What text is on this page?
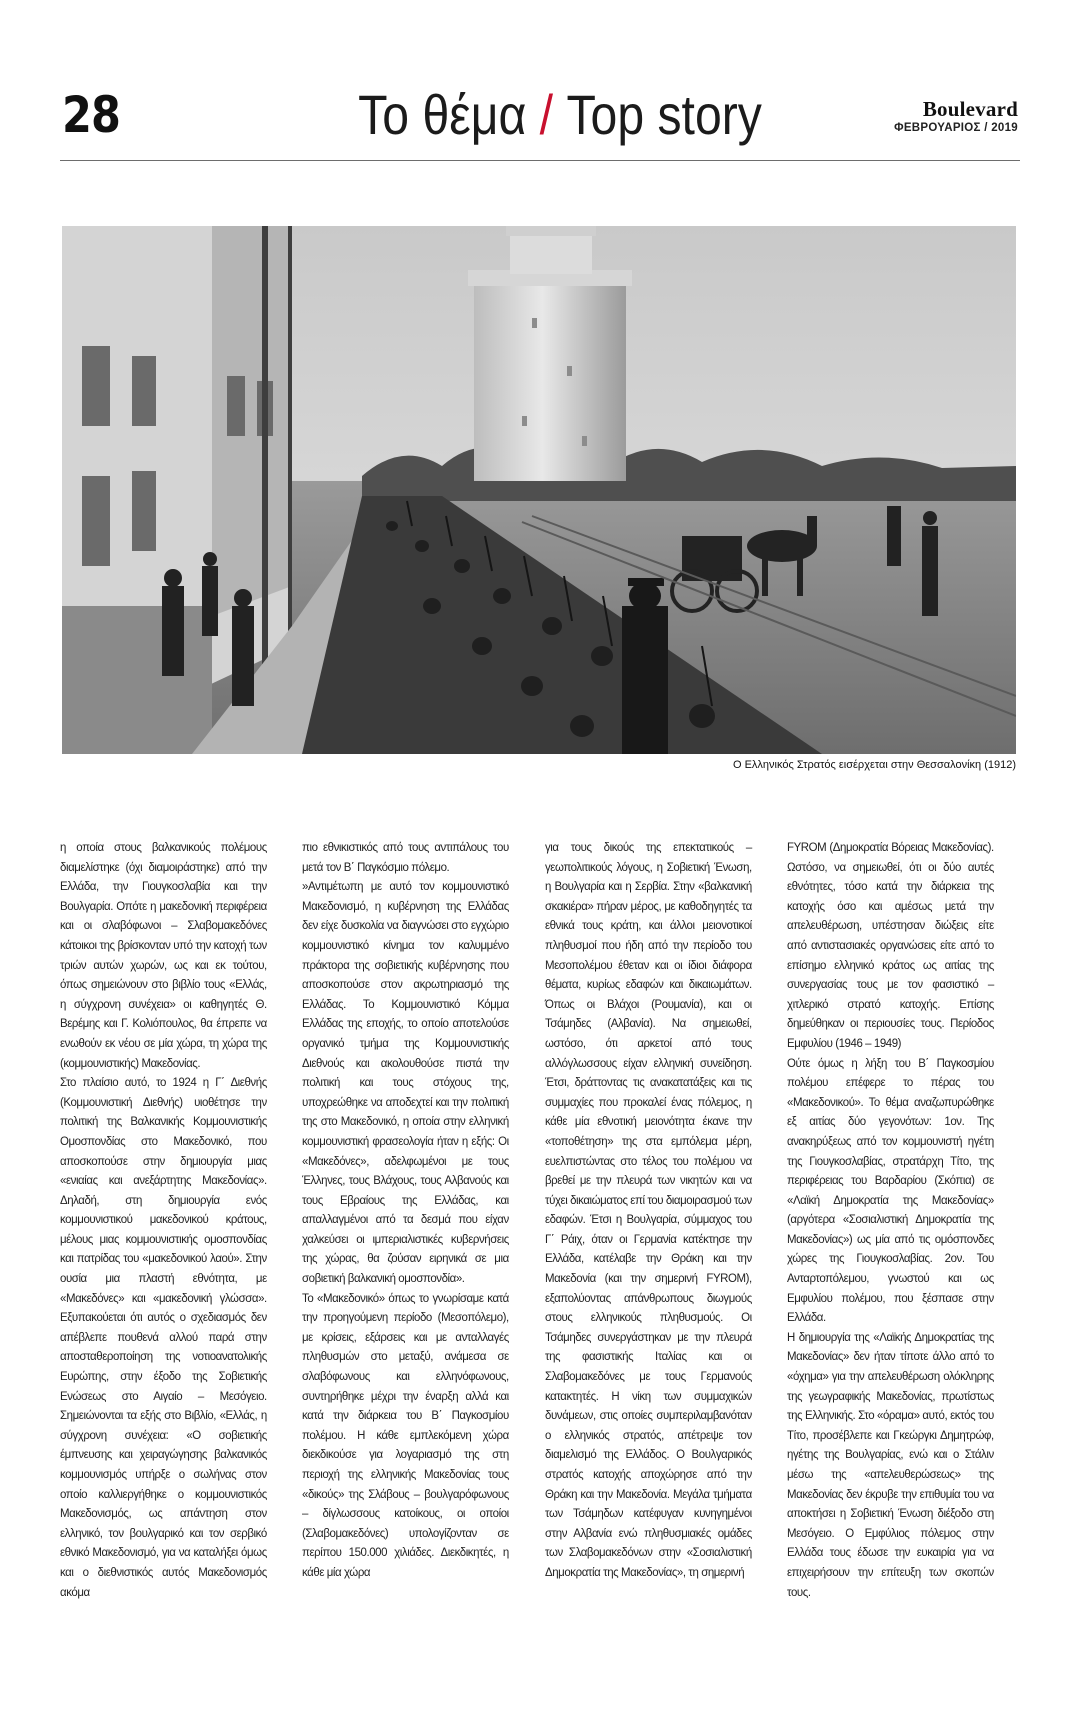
28	Το θέμα / Top story	Boulevard
ΦΕΒΡΟΥΑΡΙΟΣ / 2019
Ο Ελληνικός Στρατός εισέρχεται στην Θεσσαλονίκη (1912)

η οποία στους βαλκανικούς πολέμους διαμελίστηκε (όχι διαμοιράστηκε) από την Ελλάδα, την Γιουγκοσλαβία και την Βουλγαρία. Οπότε η μακεδονική περιφέρεια και οι σλαβόφωνοι – Σλαβομακεδόνες κάτοικοι της βρίσκονταν υπό την κατοχή των τριών αυτών χωρών, ως και εκ τούτου, όπως σημειώνουν στο βιβλίο τους «Ελλάς, η σύγχρονη συνέχεια» οι καθηγητές Θ. Βερέμης και Γ. Κολιόπουλος, θα έπρεπε να ενωθούν εκ νέου σε μία χώρα, τη χώρα της (κομμουνιστικής) Μακεδονίας.

Στο πλαίσιο αυτό, το 1924 η Γ΄ Διεθνής (Κομμουνιστική Διεθνής) υιοθέτησε την πολιτική της Βαλκανικής Κομμουνιστικής Ομοσπονδίας στο Μακεδονικό, που αποσκοπούσε στην δημιουργία μιας «ενιαίας και ανεξάρτητης Μακεδονίας». Δηλαδή, στη δημιουργία ενός κομμουνιστικού μακεδονικού κράτους, μέλους μιας κομμουνιστικής ομοσπονδίας και πατρίδας του «μακεδονικού λαού». Στην ουσία μια πλαστή εθνότητα, με «Μακεδόνες» και «μακεδονική γλώσσα». Εξυπακούεται ότι αυτός ο σχεδιασμός δεν απέβλεπε πουθενά αλλού παρά στην αποσταθεροποίηση της νοτιοανατολικής Ευρώπης, στην έξοδο της Σοβιετικής Ενώσεως στο Αιγαίο – Μεσόγειο. Σημειώνονται τα εξής στο Βιβλίο, «Ελλάς, η σύγχρονη συνέχεια: «Ο σοβιετικής έμπνευσης και χειραγώγησης βαλκανικός κομμουνισμός υπήρξε ο σωλήνας στον οποίο καλλιεργήθηκε ο κομμουνιστικός Μακεδονισμός, ως απάντηση στον ελληνικό, τον βουλγαρικό και τον σερβικό εθνικό Μακεδονισμό, για να καταλήξει όμως και ο διεθνιστικός αυτός Μακεδονισμός ακόμα

πιο εθνικιστικός από τους αντιπάλους του μετά τον Β΄ Παγκόσμιο πόλεμο.

»Αντιμέτωπη με αυτό τον κομμουνιστικό Μακεδονισμό, η κυβέρνηση της Ελλάδας δεν είχε δυσκολία να διαγνώσει στο εγχώριο κομμουνιστικό κίνημα τον καλυμμένο πράκτορα της σοβιετικής κυβέρνησης που αποσκοπούσε στον ακρωτηριασμό της Ελλάδας. Το Κομμουνιστικό Κόμμα Ελλάδας της εποχής, το οποίο αποτελούσε οργανικό τμήμα της Κομμουνιστικής Διεθνούς και ακολουθούσε πιστά την πολιτική και τους στόχους της, υποχρεώθηκε να αποδεχτεί και την πολιτική της στο Μακεδονικό, η οποία στην ελληνική κομμουνιστική φρασεολογία ήταν η εξής: Οι «Μακεδόνες», αδελφωμένοι με τους Έλληνες, τους Βλάχους, τους Αλβανούς και τους Εβραίους της Ελλάδας, και απαλλαγμένοι από τα δεσμά που είχαν χαλκεύσει οι ιμπεριαλιστικές κυβερνήσεις της χώρας, θα ζούσαν ειρηνικά σε μια σοβιετική βαλκανική ομοσπονδία».

Το «Μακεδονικό» όπως το γνωρίσαμε κατά την προηγούμενη περίοδο (Μεσοπόλεμο), με κρίσεις, εξάρσεις και με ανταλλαγές πληθυσμών στο μεταξύ, ανάμεσα σε σλαβόφωνους και ελληνόφωνους, συντηρήθηκε μέχρι την έναρξη αλλά και κατά την διάρκεια του Β΄ Παγκοσμίου πολέμου. Η κάθε εμπλεκόμενη χώρα διεκδικούσε για λογαριασμό της στη περιοχή της ελληνικής Μακεδονίας τους «δικούς» της Σλάβους – βουλγαρόφωνους – δίγλωσσους κατοίκους, οι οποίοι (Σλαβομακεδόνες) υπολογίζονταν σε περίπου 150.000 χιλιάδες. Διεκδικητές, η κάθε μία χώρα

για τους δικούς της επεκτατικούς – γεωπολιτικούς λόγους, η Σοβιετική Ένωση, η Βουλγαρία και η Σερβία. Στην «βαλκανική σκακιέρα» πήραν μέρος, με καθοδηγητές τα εθνικά τους κράτη, και άλλοι μειονοτικοί πληθυσμοί που ήδη από την περίοδο του Μεσοπολέμου έθεταν και οι ίδιοι διάφορα θέματα, κυρίως εδαφών και δικαιωμάτων. Όπως οι Βλάχοι (Ρουμανία), και οι Τσάμηδες (Αλβανία). Να σημειωθεί, ωστόσο, ότι αρκετοί από τους αλλόγλωσσους είχαν ελληνική συνείδηση. Έτσι, δράττοντας τις ανακατατάξεις και τις συμμαχίες που προκαλεί ένας πόλεμος, η κάθε μία εθνοτική μειονότητα έκανε την «τοποθέτηση» της στα εμπόλεμα μέρη, ευελπιστώντας στο τέλος του πολέμου να βρεθεί με την πλευρά των νικητών και να τύχει δικαιώματος επί του διαμοιρασμού των εδαφών. Έτσι η Βουλγαρία, σύμμαχος του Γ΄ Ράιχ, όταν οι Γερμανία κατέκτησε την Ελλάδα, κατέλαβε την Θράκη και την Μακεδονία (και την σημερινή FYROM), εξαπολύοντας απάνθρωπους διωγμούς στους ελληνικούς πληθυσμούς. Οι Τσάμηδες συνεργάστηκαν με την πλευρά της φασιστικής Ιταλίας και οι Σλαβομακεδόνες με τους Γερμανούς κατακτητές. Η νίκη των συμμαχικών δυνάμεων, στις οποίες συμπεριλαμβανόταν ο ελληνικός στρατός, απέτρεψε τον διαμελισμό της Ελλάδος. Ο Βουλγαρικός στρατός κατοχής αποχώρησε από την Θράκη και την Μακεδονία. Μεγάλα τμήματα των Τσάμηδων κατέφυγαν κυνηγημένοι στην Αλβανία ενώ πληθυσμιακές ομάδες των Σλαβομακεδόνων στην «Σοσιαλιστική Δημοκρατία της Μακεδονίας», τη σημερινή

FYROM (Δημοκρατία Βόρειας Μακεδονίας). Ωστόσο, να σημειωθεί, ότι οι δύο αυτές εθνότητες, τόσο κατά την διάρκεια της κατοχής όσο και αμέσως μετά την απελευθέρωση, υπέστησαν διώξεις είτε από αντιστασιακές οργανώσεις είτε από το επίσημο ελληνικό κράτος ως αιτίας της συνεργασίας τους με τον φασιστικό – χιτλερικό στρατό κατοχής. Επίσης δημεύθηκαν οι περιουσίες τους. Περίοδος Εμφυλίου (1946 – 1949)

Ούτε όμως η λήξη του Β΄ Παγκοσμίου πολέμου επέφερε το πέρας του «Μακεδονικού». Το θέμα αναζωπυρώθηκε εξ αιτίας δύο γεγονότων: 1ον. Της ανακηρύξεως από τον κομμουνιστή ηγέτη της Γιουγκοσλαβίας, στρατάρχη Τίτο, της περιφέρειας του Βαρδαρίου (Σκόπια) σε «Λαϊκή Δημοκρατία της Μακεδονίας» (αργότερα «Σοσιαλιστική Δημοκρατία της Μακεδονίας») ως μία από τις ομόσπονδες χώρες της Γιουγκοσλαβίας. 2ον. Του Ανταρτοπόλεμου, γνωστού και ως Εμφυλίου πολέμου, που ξέσπασε στην Ελλάδα.

Η δημιουργία της «Λαϊκής Δημοκρατίας της Μακεδονίας» δεν ήταν τίποτε άλλο από το «όχημα» για την απελευθέρωση ολόκληρης της γεωγραφικής Μακεδονίας, πρωτίστως της Ελληνικής. Στο «όραμα» αυτό, εκτός του Τίτο, προσέβλεπε και Γκεώργκι Δημητρώφ, ηγέτης της Βουλγαρίας, ενώ και ο Στάλιν μέσω της «απελευθερώσεως» της Μακεδονίας δεν έκρυβε την επιθυμία του να αποκτήσει η Σοβιετική Ένωση διέξοδο στη Μεσόγειο. Ο Εμφύλιος πόλεμος στην Ελλάδα τους έδωσε την ευκαιρία για να επιχειρήσουν την επίτευξη των σκοπών τους.
